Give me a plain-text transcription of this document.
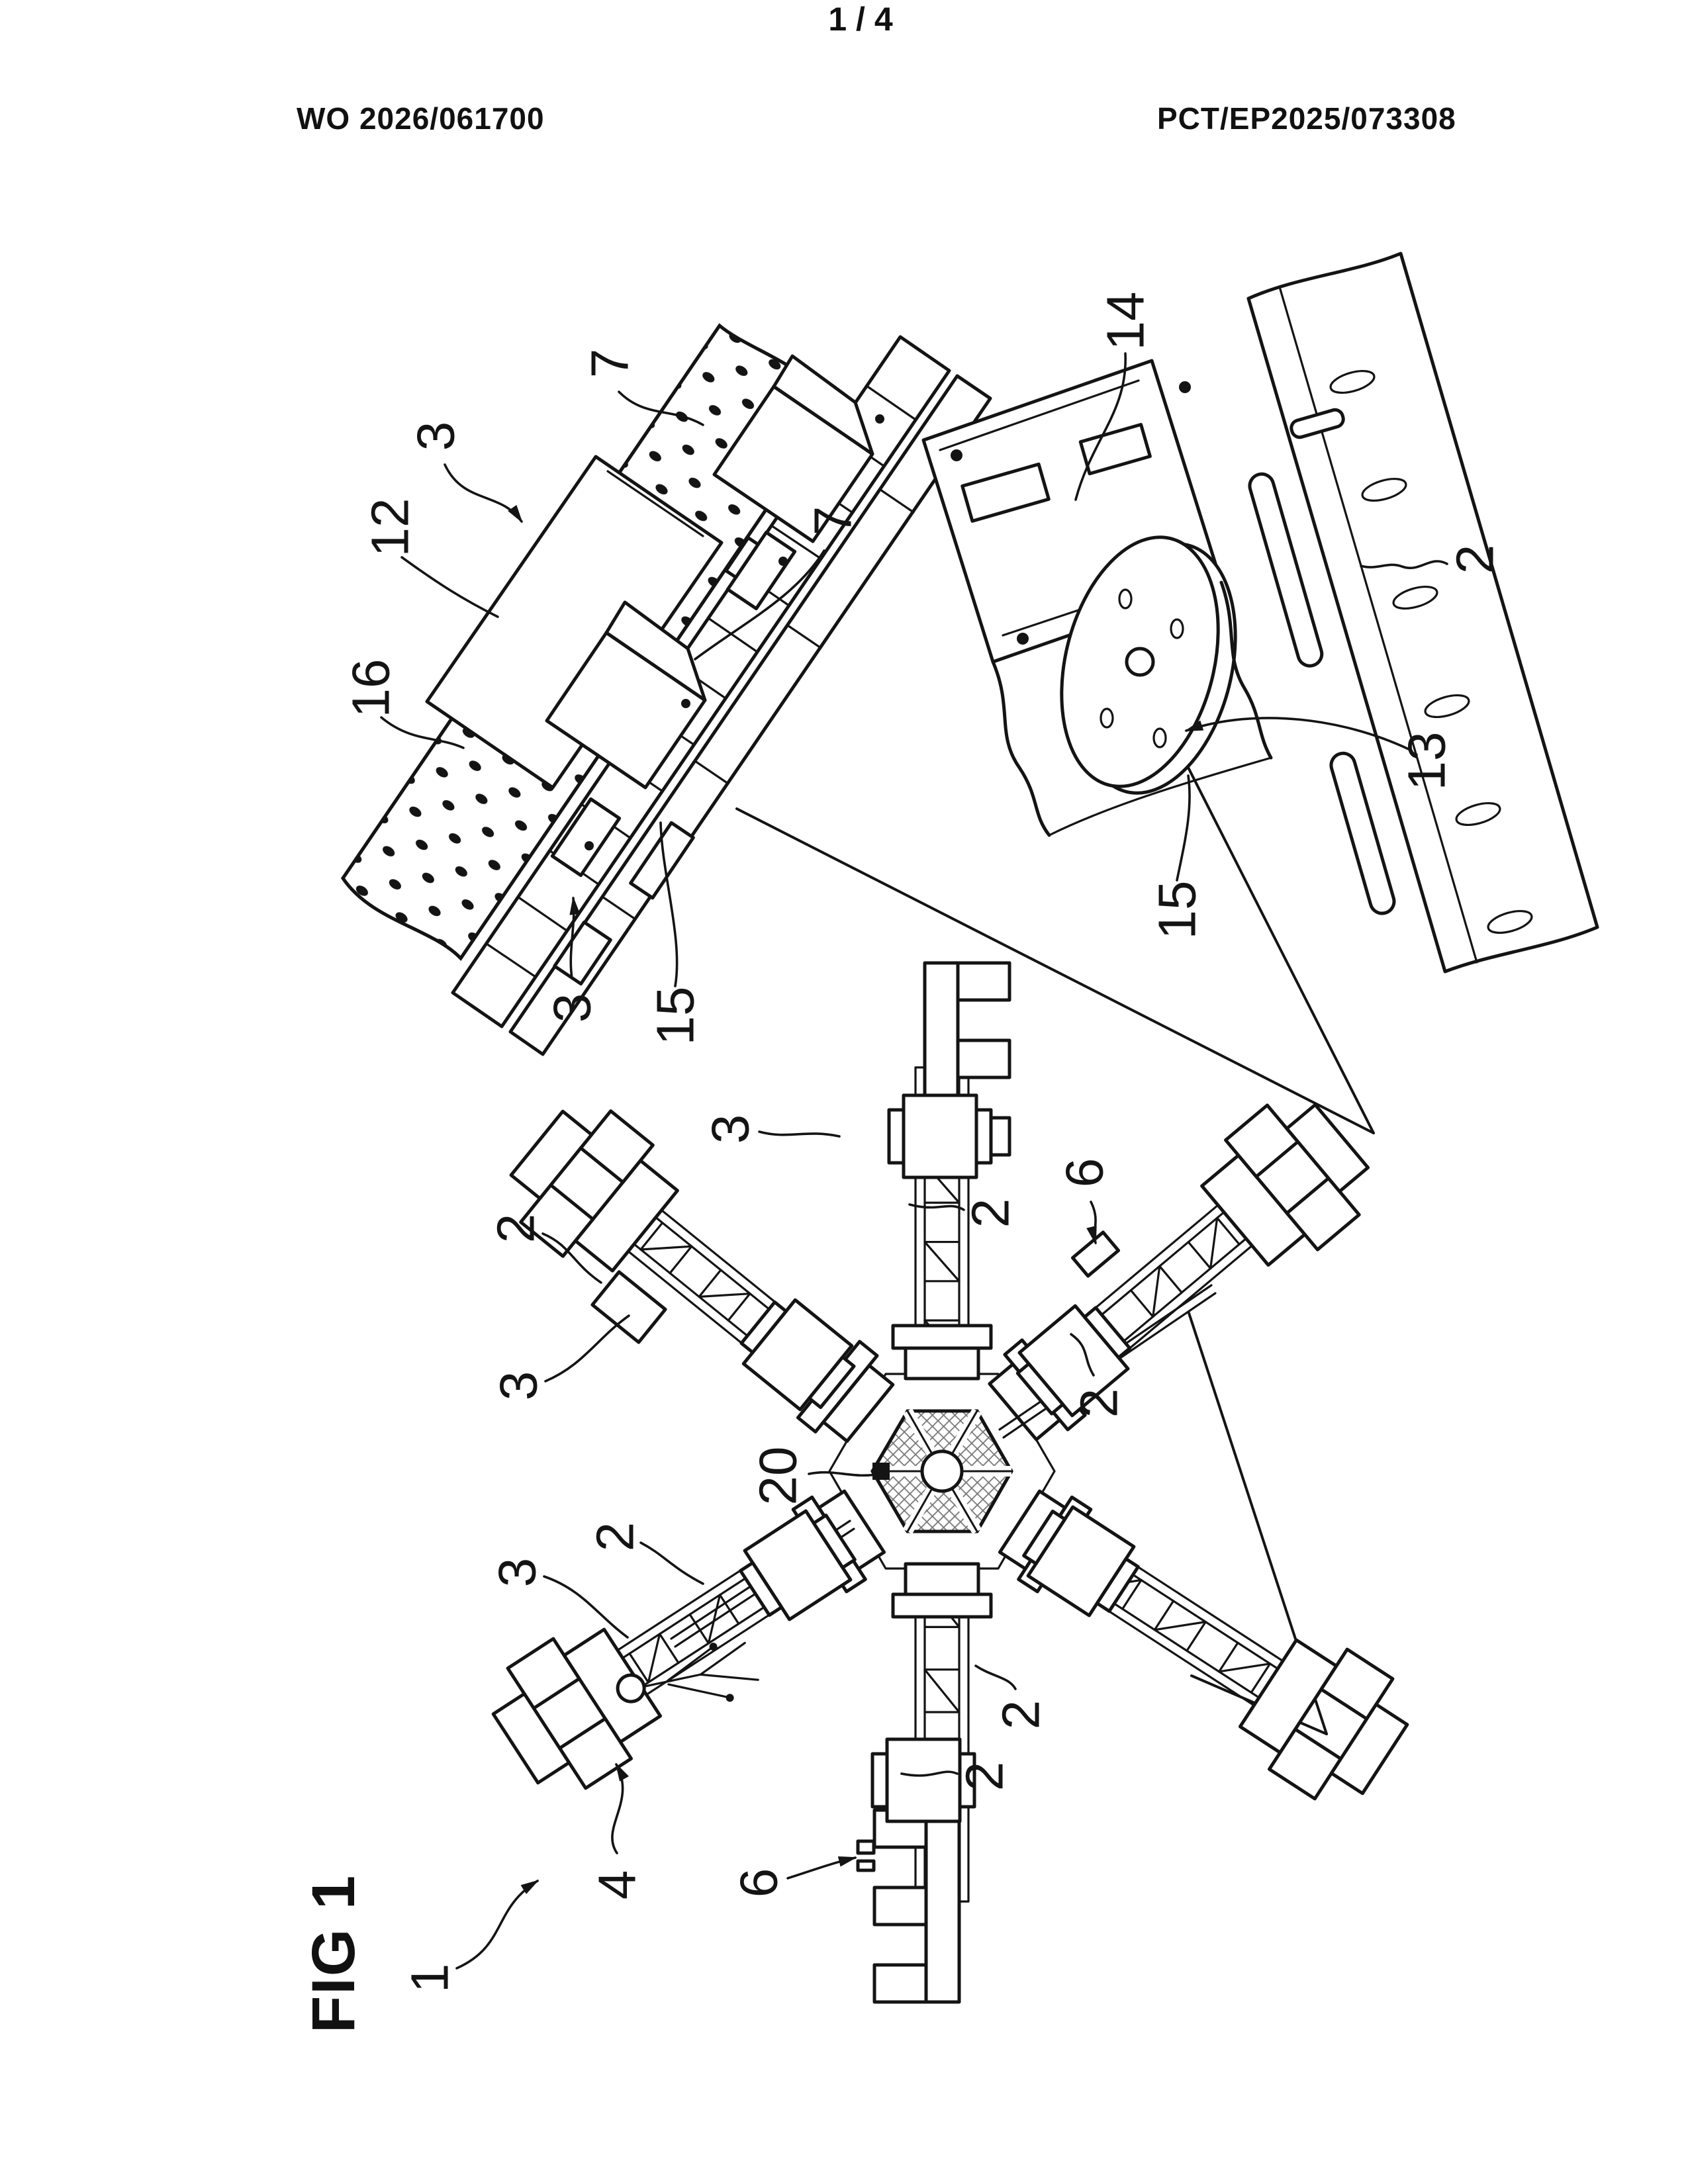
WO 2026/061700	PCT/EP2025/073308
1 / 4
FIG 1
7
3
12
16
7
3 15
14
2
13
15
3
2
6
2
2
3
20
2
3
2
2
6
4
1
